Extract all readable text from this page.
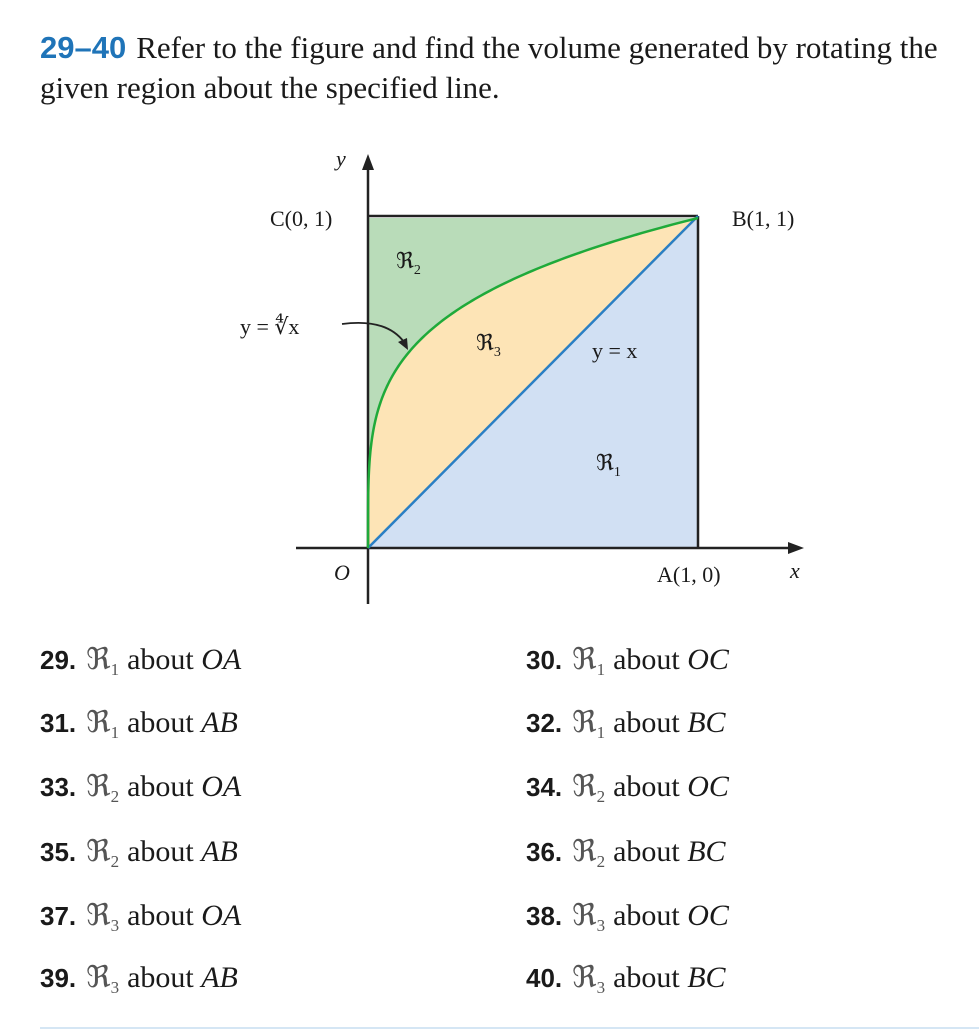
29–40 Refer to the figure and find the volume generated by rotating the given region about the specified line.
y
x
O
C(0, 1)	B(1, 1)
A(1, 0)
y = ∜x
y = x
ℜ$_2$
ℜ$_3$
ℜ$_1$
29. ℜ$_1$ about OA	30. ℜ$_1$ about OC
31. ℜ$_1$ about AB	32. ℜ$_1$ about BC
33. ℜ$_2$ about OA	34. ℜ$_2$ about OC
35. ℜ$_2$ about AB	36. ℜ$_2$ about BC
37. ℜ$_3$ about OA	38. ℜ$_3$ about OC
39. ℜ$_3$ about AB	40. ℜ$_3$ about BC
